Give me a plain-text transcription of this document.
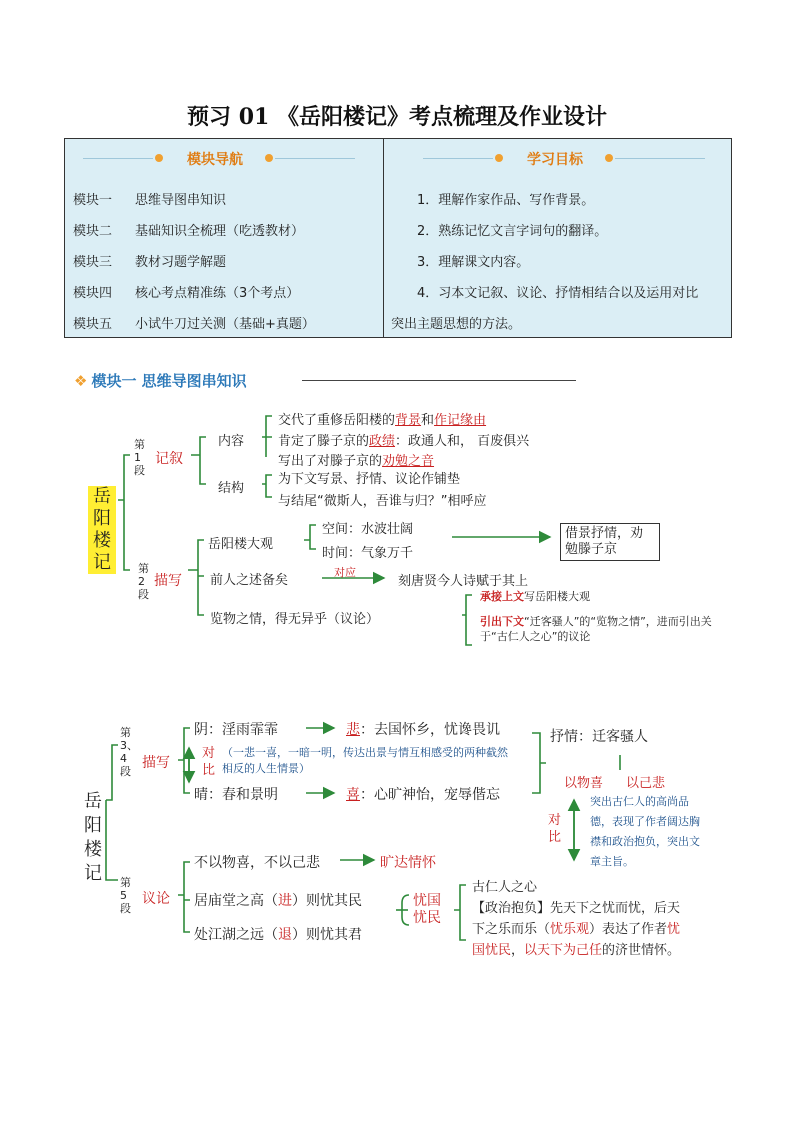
预习 01 《岳阳楼记》考点梳理及作业设计
模块导航	学习目标
模块一 思维导图串知识
模块二 基础知识全梳理（吃透教材）
模块三 教材习题学解题
模块四 核心考点精准练（3个考点）
模块五 小试牛刀过关测（基础+真题）
1．理解作家作品、写作背景。
2．熟练记忆文言字词句的翻译。
3．理解课文内容。
4．习本文记叙、议论、抒情相结合以及运用对比
突出主题思想的方法。
❖ 模块一 思维导图串知识
岳阳楼记
第1段
记叙
内容
结构
交代了重修岳阳楼的背景和作记缘由
肯定了滕子京的政绩：政通人和， 百废俱兴
写出了对滕子京的劝勉之音
为下文写景、抒情、议论作铺垫
与结尾“微斯人，吾谁与归？”相呼应
第2段
描写
岳阳楼大观
空间：水波壮阔
时间：气象万千
借景抒情，劝勉滕子京
前人之述备矣
对应
刻唐贤今人诗赋于其上
览物之情，得无异乎（议论）
承接上文写岳阳楼大观
引出下文“迁客骚人”的“览物之情”，进而引出关于“古仁人之心”的议论
岳阳楼记
第3、4段
描写
阴：淫雨霏霏	悲 ：去国怀乡，忧谗畏讥
对比
（一悲一喜，一暗一明，传达出景与情互相感受的两种截然相反的人生情景）
晴：春和景明	喜 ：心旷神怡，宠辱偕忘
抒情：迁客骚人
以物喜 以己悲
对比
突出古仁人的高尚品德，表现了作者阔达胸襟和政治抱负，突出文章主旨。
第5段
议论
不以物喜，不以己悲	旷达情怀
居庙堂之高（进）则忧其民
处江湖之远（退）则忧其君
忧国忧民
古仁人之心
【政治抱负】先天下之忧而忧，后天下之乐而乐（忧乐观）表达了作者忧国忧民，以天下为己任的济世情怀。
